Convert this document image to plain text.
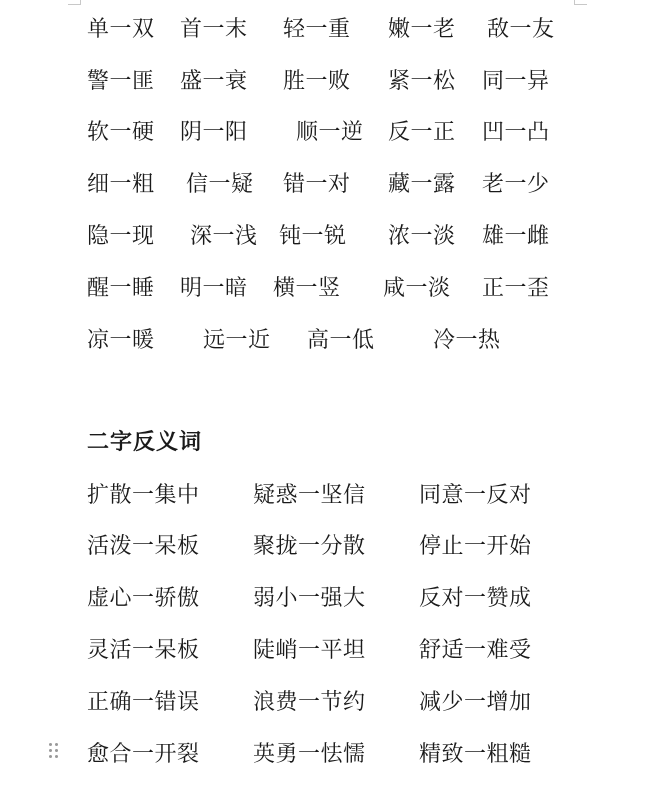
单一双 首一末 轻一重 嫩一老 敌一友
警一匪 盛一衰 胜一败 紧一松 同一异
软一硬 阴一阳 顺一逆 反一正 凹一凸
细一粗 信一疑 错一对 藏一露 老一少
隐一现 深一浅 钝一锐 浓一淡 雄一雌
醒一睡 明一暗 横一竖 咸一淡 正一歪
凉一暖 远一近 高一低	冷一热
二字反义词
扩散一集中 疑惑一坚信 同意一反对
活泼一呆板 聚拢一分散 停止一开始
虚心一骄傲 弱小一强大 反对一赞成
灵活一呆板 陡峭一平坦 舒适一难受
正确一错误 浪费一节约 减少一增加
愈合一开裂 英勇一怯懦 精致一粗糙
